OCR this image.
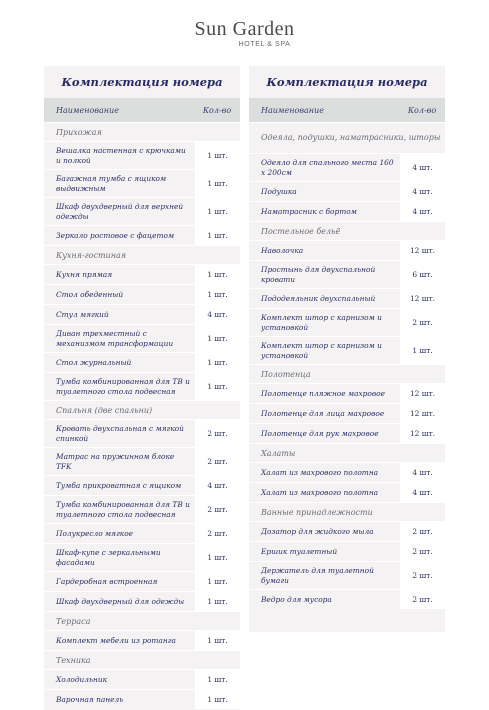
Sun Garden
HOTEL & SPA
Комплектация номера
Наименование	Кол-во
Прихожая
Вешалка настенная с крючками и полкой	1 шт.
Багажная тумба с ящиком выдвижным	1 шт.
Шкаф двухдверный для верхней одежды	1 шт.
Зеркало ростовое с фацетом	1 шт.
Кухня-гостиная
Кухня прямая	1 шт.
Стол обеденный	1 шт.
Стул мягкий	4 шт.
Диван трехместный с механизмом трансформации	1 шт.
Стол журнальный	1 шт.
Тумба комбинированная для ТВ и туалетного стола подвесная	1 шт.
Спальня (две спальни)
Кровать двухспальная с мягкой спинкой	2 шт.
Матрас на пружинном блоке TFK	2 шт.
Тумба прикроватная с ящиком	4 шт.
Тумба комбинированная для ТВ и туалетного стола подвесная	2 шт.
Полукресло мягкое	2 шт.
Шкаф-купе с зеркальными фасадами	1 шт.
Гардеробная встроенная	1 шт.
Шкаф двухдверный для одежды	1 шт.
Терраса
Комплект мебели из ротанга	1 шт.
Техника
Холодильник	1 шт.
Варочная панель	1 шт.
Комплектация номера
Наименование	Кол-во
Одеяла, подушки, наматрасники, шторы
Одеяло для спального места 160 х 200см	4 шт.
Подушка	4 шт.
Наматрасник с бортом	4 шт.
Постельное бельё
Наволочка	12 шт.
Простынь для двухспальной кровати	6 шт.
Пододеяльник двухспальный	12 шт.
Комплект штор с карнизом и установкой	2 шт.
Комплект штор с карнизом и установкой	1 шт.
Полотенца
Полотенце пляжное махровое	12 шт.
Полотенце для лица махровое	12 шт.
Полотенце для рук махровое	12 шт.
Халаты
Халат из махрового полотна	4 шт.
Халат из махрового полотна	4 шт.
Ванные принадлежности
Дозатор для жидкого мыла	2 шт.
Ершик туалетный	2 шт.
Держатель для туалетной бумаги	2 шт.
Ведро для мусора	2 шт.
